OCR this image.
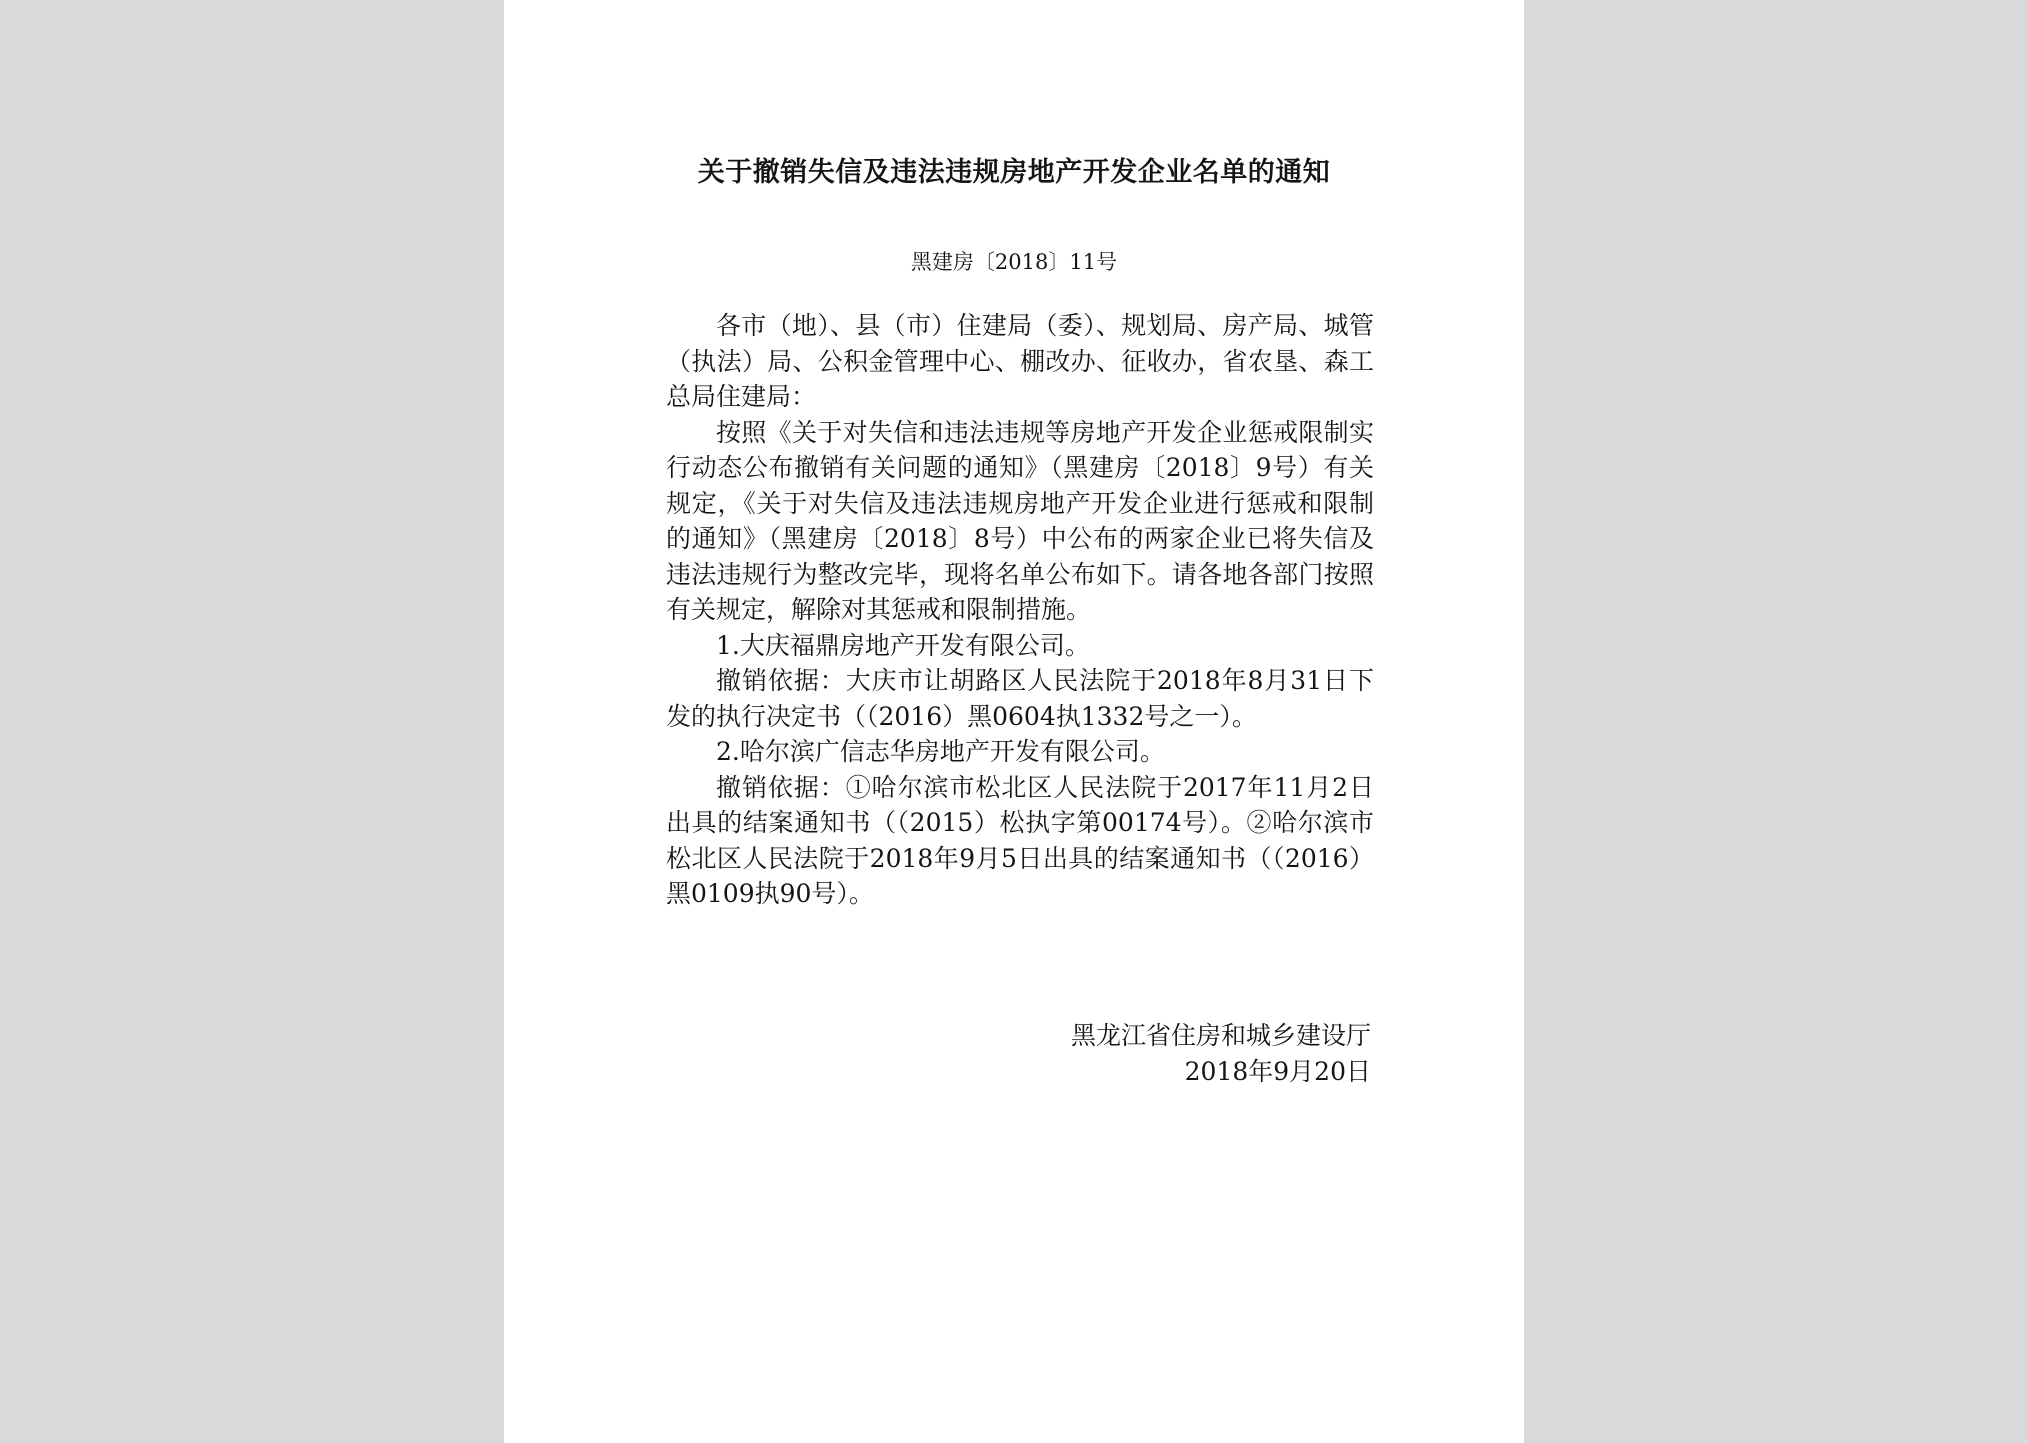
关于撤销失信及违法违规房地产开发企业名单的通知
黑建房〔2018〕11号

各市（地）、县（市）住建局（委）、规划局、房产局、城管（执法）局、公积金管理中心、棚改办、征收办，省农垦、森工总局住建局：

按照《关于对失信和违法违规等房地产开发企业惩戒限制实行动态公布撤销有关问题的通知》（黑建房〔2018〕9号）有关规定，《关于对失信及违法违规房地产开发企业进行惩戒和限制的通知》（黑建房〔2018〕8号）中公布的两家企业已将失信及违法违规行为整改完毕，现将名单公布如下。请各地各部门按照有关规定，解除对其惩戒和限制措施。

1.大庆福鼎房地产开发有限公司。

撤销依据：大庆市让胡路区人民法院于2018年8月31日下发的执行决定书（（2016）黑0604执1332号之一）。

2.哈尔滨广信志华房地产开发有限公司。

撤销依据：①哈尔滨市松北区人民法院于2017年11月2日出具的结案通知书（（2015）松执字第00174号）。②哈尔滨市松北区人民法院于2018年9月5日出具的结案通知书（（2016）黑0109执90号）。

黑龙江省住房和城乡建设厅
2018年9月20日
